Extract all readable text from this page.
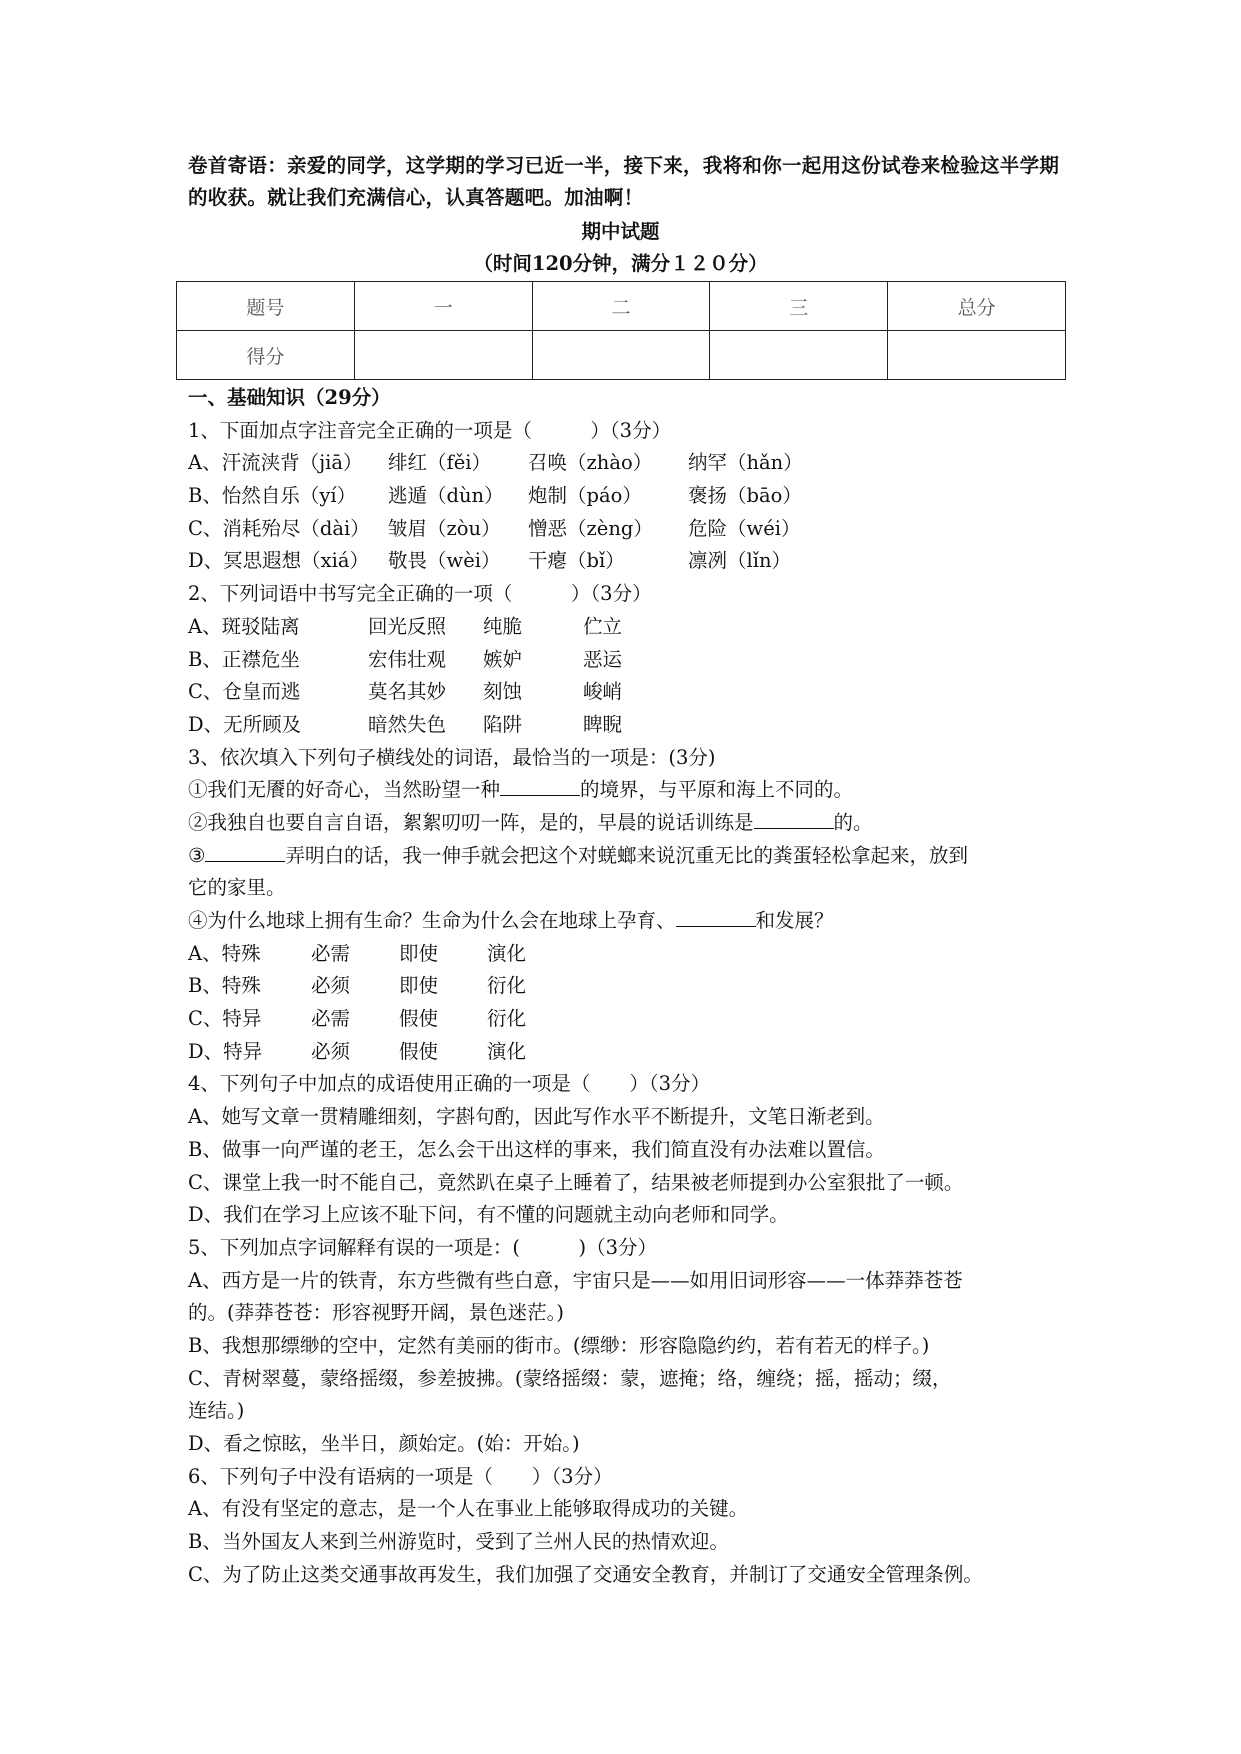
卷首寄语：亲爱的同学，这学期的学习已近一半，接下来，我将和你一起用这份试卷来检验这半学期的收获。就让我们充满信心，认真答题吧。加油啊！
期中试题
（时间120分钟，满分１２０分）
题号	一	二	三	总分
得分				
一、基础知识（29分）
1、下面加点字注音完全正确的一项是（　　　）（3分）
A、汗流浃背（jiā） 绯红（fěi） 召唤（zhào） 纳罕（hǎn）
B、怡然自乐（yí） 逃遁（dùn） 炮制（páo） 褒扬（bāo）
C、消耗殆尽（dài） 皱眉（zòu） 憎恶（zèng） 危险（wéi）
D、冥思遐想（xiá） 敬畏（wèi） 干瘪（bǐ）	凛冽（lǐn）
2、下列词语中书写完全正确的一项（　　　）（3分）
A、斑驳陆离	回光反照 纯脆	伫立
B、正襟危坐	宏伟壮观 嫉妒	恶运
C、仓皇而逃	莫名其妙 刻蚀	峻峭
D、无所顾及	暗然失色 陷阱	睥睨
3、依次填入下列句子横线处的词语，最恰当的一项是：(3分)
①我们无餍的好奇心，当然盼望一种	的境界，与平原和海上不同的。
②我独自也要自言自语，絮絮叨叨一阵，是的，早晨的说话训练是	的。
③	弄明白的话，我一伸手就会把这个对蜣螂来说沉重无比的粪蛋轻松拿起来，放到
它的家里。
④为什么地球上拥有生命？生命为什么会在地球上孕育、	和发展？
A、特殊	必需	即使	演化
B、特殊	必须	即使	衍化
C、特异	必需	假使	衍化
D、特异	必须	假使	演化
4、下列句子中加点的成语使用正确的一项是（　　）（3分）
A、她写文章一贯精雕细刻，字斟句酌，因此写作水平不断提升，文笔日渐老到。
B、做事一向严谨的老王，怎么会干出这样的事来，我们简直没有办法难以置信。
C、课堂上我一时不能自己，竟然趴在桌子上睡着了，结果被老师提到办公室狠批了一顿。
D、我们在学习上应该不耻下问，有不懂的问题就主动向老师和同学。
5、下列加点字词解释有误的一项是：(　　　)（3分）
A、西方是一片的铁青，东方些微有些白意，宇宙只是——如用旧词形容——一体莽莽苍苍
的。(莽莽苍苍：形容视野开阔，景色迷茫。)
B、我想那缥缈的空中，定然有美丽的街市。(缥缈：形容隐隐约约，若有若无的样子。)
C、青树翠蔓，蒙络摇缀，参差披拂。(蒙络摇缀：蒙，遮掩；络，缠绕；摇，摇动；缀，
连结。)
D、看之惊眩，坐半日，颜始定。(始：开始。)
6、下列句子中没有语病的一项是（　　）（3分）
A、有没有坚定的意志，是一个人在事业上能够取得成功的关键。
B、当外国友人来到兰州游览时，受到了兰州人民的热情欢迎。
C、为了防止这类交通事故再发生，我们加强了交通安全教育，并制订了交通安全管理条例。
